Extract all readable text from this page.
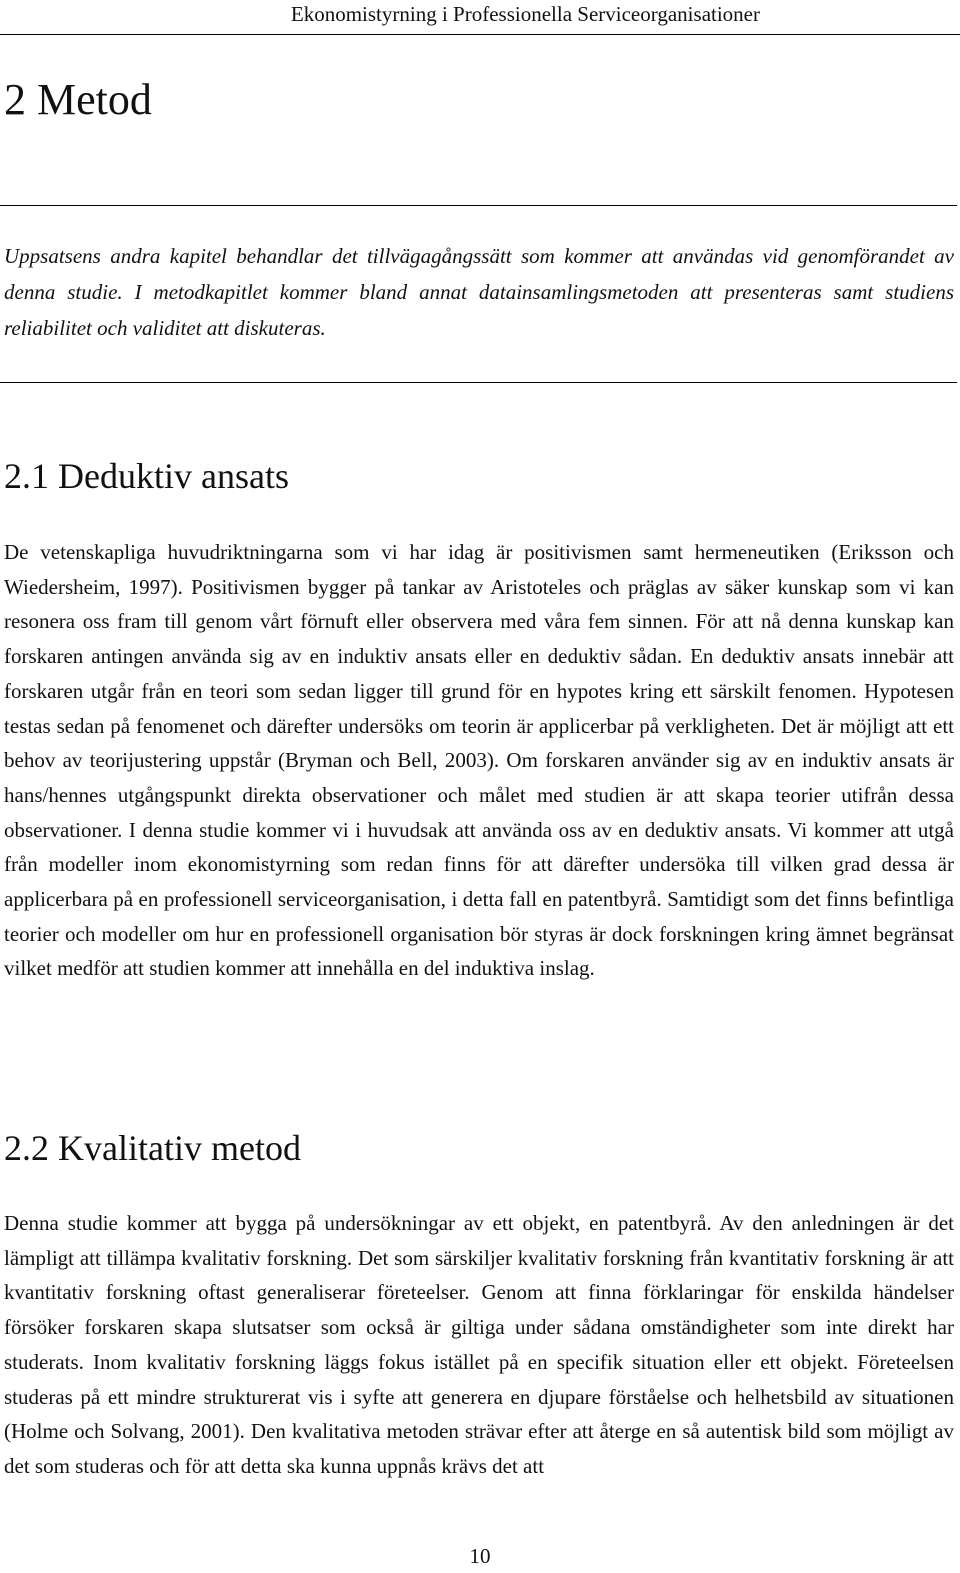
Ekonomistyrning i Professionella Serviceorganisationer
2 Metod

Uppsatsens andra kapitel behandlar det tillvägagångssätt som kommer att användas vid genomförandet av denna studie. I metodkapitlet kommer bland annat datainsamlingsmetoden att presenteras samt studiens reliabilitet och validitet att diskuteras.

2.1 Deduktiv ansats

De vetenskapliga huvudriktningarna som vi har idag är positivismen samt hermeneutiken (Eriksson och Wiedersheim, 1997). Positivismen bygger på tankar av Aristoteles och präglas av säker kunskap som vi kan resonera oss fram till genom vårt förnuft eller observera med våra fem sinnen. För att nå denna kunskap kan forskaren antingen använda sig av en induktiv ansats eller en deduktiv sådan. En deduktiv ansats innebär att forskaren utgår från en teori som sedan ligger till grund för en hypotes kring ett särskilt fenomen. Hypotesen testas sedan på fenomenet och därefter undersöks om teorin är applicerbar på verkligheten. Det är möjligt att ett behov av teorijustering uppstår (Bryman och Bell, 2003). Om forskaren använder sig av en induktiv ansats är hans/hennes utgångspunkt direkta observationer och målet med studien är att skapa teorier utifrån dessa observationer. I denna studie kommer vi i huvudsak att använda oss av en deduktiv ansats. Vi kommer att utgå från modeller inom ekonomistyrning som redan finns för att därefter undersöka till vilken grad dessa är applicerbara på en professionell serviceorganisation, i detta fall en patentbyrå. Samtidigt som det finns befintliga teorier och modeller om hur en professionell organisation bör styras är dock forskningen kring ämnet begränsat vilket medför att studien kommer att innehålla en del induktiva inslag.

2.2 Kvalitativ metod

Denna studie kommer att bygga på undersökningar av ett objekt, en patentbyrå. Av den anledningen är det lämpligt att tillämpa kvalitativ forskning. Det som särskiljer kvalitativ forskning från kvantitativ forskning är att kvantitativ forskning oftast generaliserar företeelser. Genom att finna förklaringar för enskilda händelser försöker forskaren skapa slutsatser som också är giltiga under sådana omständigheter som inte direkt har studerats. Inom kvalitativ forskning läggs fokus istället på en specifik situation eller ett objekt. Företeelsen studeras på ett mindre strukturerat vis i syfte att generera en djupare förståelse och helhetsbild av situationen (Holme och Solvang, 2001). Den kvalitativa metoden strävar efter att återge en så autentisk bild som möjligt av det som studeras och för att detta ska kunna uppnås krävs det att

10
